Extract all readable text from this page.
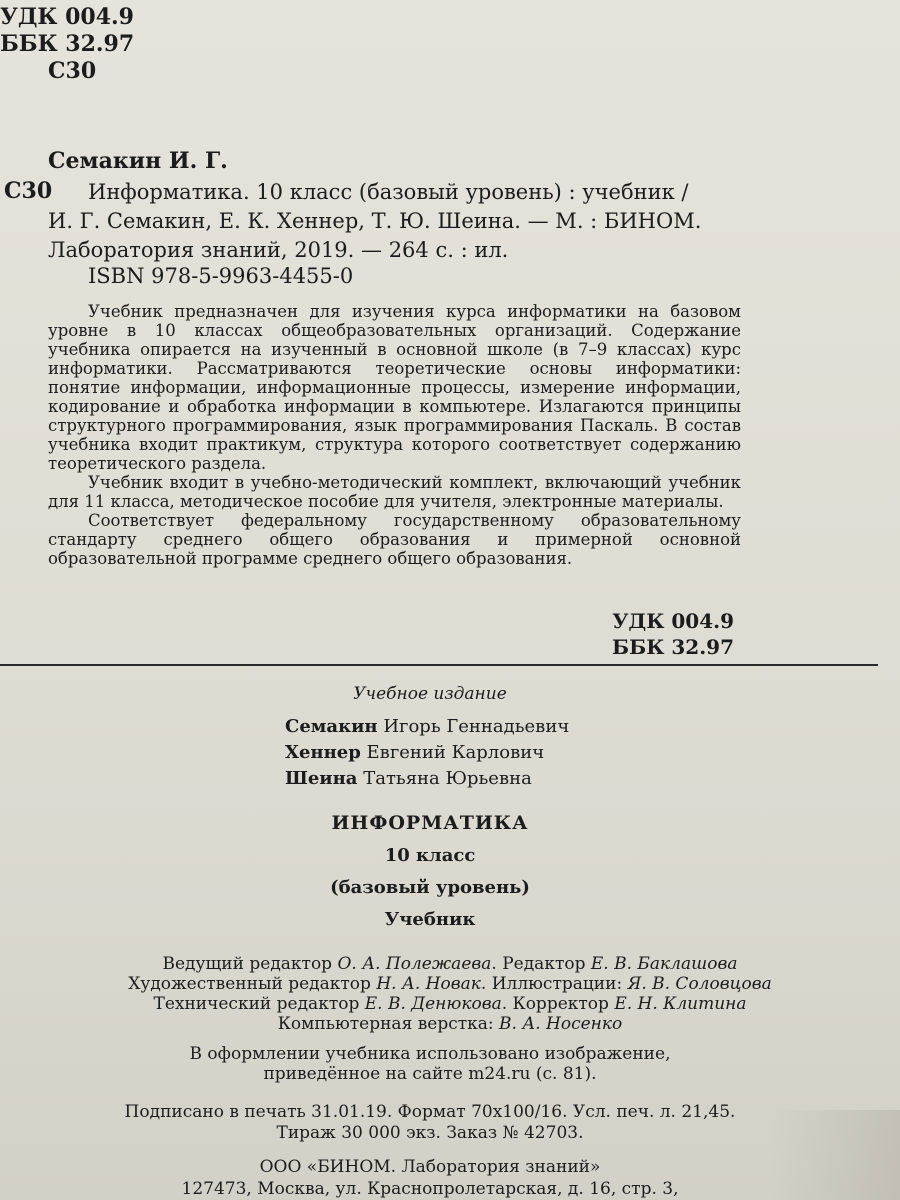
УДК 004.9
ББК 32.97
С30
Семакин И. Г.
С30	Информатика. 10 класс (базовый уровень) : учебник /

И. Г. Семакин, Е. К. Хеннер, Т. Ю. Шеина. — М. : БИНОМ.

Лаборатория знаний, 2019. — 264 с. : ил.

ISBN 978-5-9963-4455-0

Учебник предназначен для изучения курса информатики на базовом уровне в 10 классах общеобразовательных организаций. Содержание учебника опирается на изученный в основной школе (в 7–9 классах) курс информатики. Рассматриваются теоретические основы информатики: понятие информации, информационные процессы, измерение информации, кодирование и обработка информации в компьютере. Излагаются принципы структурного программирования, язык программирования Паскаль. В состав учебника входит практикум, структура которого соответствует содержанию теоретического раздела.

Учебник входит в учебно-методический комплект, включающий учебник для 11 класса, методическое пособие для учителя, электронные материалы.

Соответствует федеральному государственному образовательному стандарту среднего общего образования и примерной основной образовательной программе среднего общего образования.

УДК 004.9
ББК 32.97
Учебное издание
Семакин Игорь Геннадьевич
Хеннер Евгений Карлович
Шеина Татьяна Юрьевна
ИНФОРМАТИКА
10 класс
(базовый уровень)
Учебник
Ведущий редактор О. А. Полежаева. Редактор Е. В. Баклашова
Художественный редактор Н. А. Новак. Иллюстрации: Я. В. Соловцова
Технический редактор Е. В. Денюкова. Корректор Е. Н. Клитина
Компьютерная верстка: В. А. Носенко
В оформлении учебника использовано изображение,
приведённое на сайте m24.ru (с. 81).
Подписано в печать 31.01.19. Формат 70x100/16. Усл. печ. л. 21,45.
Тираж 30 000 экз. Заказ № 42703.
ООО «БИНОМ. Лаборатория знаний»
127473, Москва, ул. Краснопролетарская, д. 16, стр. 3,
